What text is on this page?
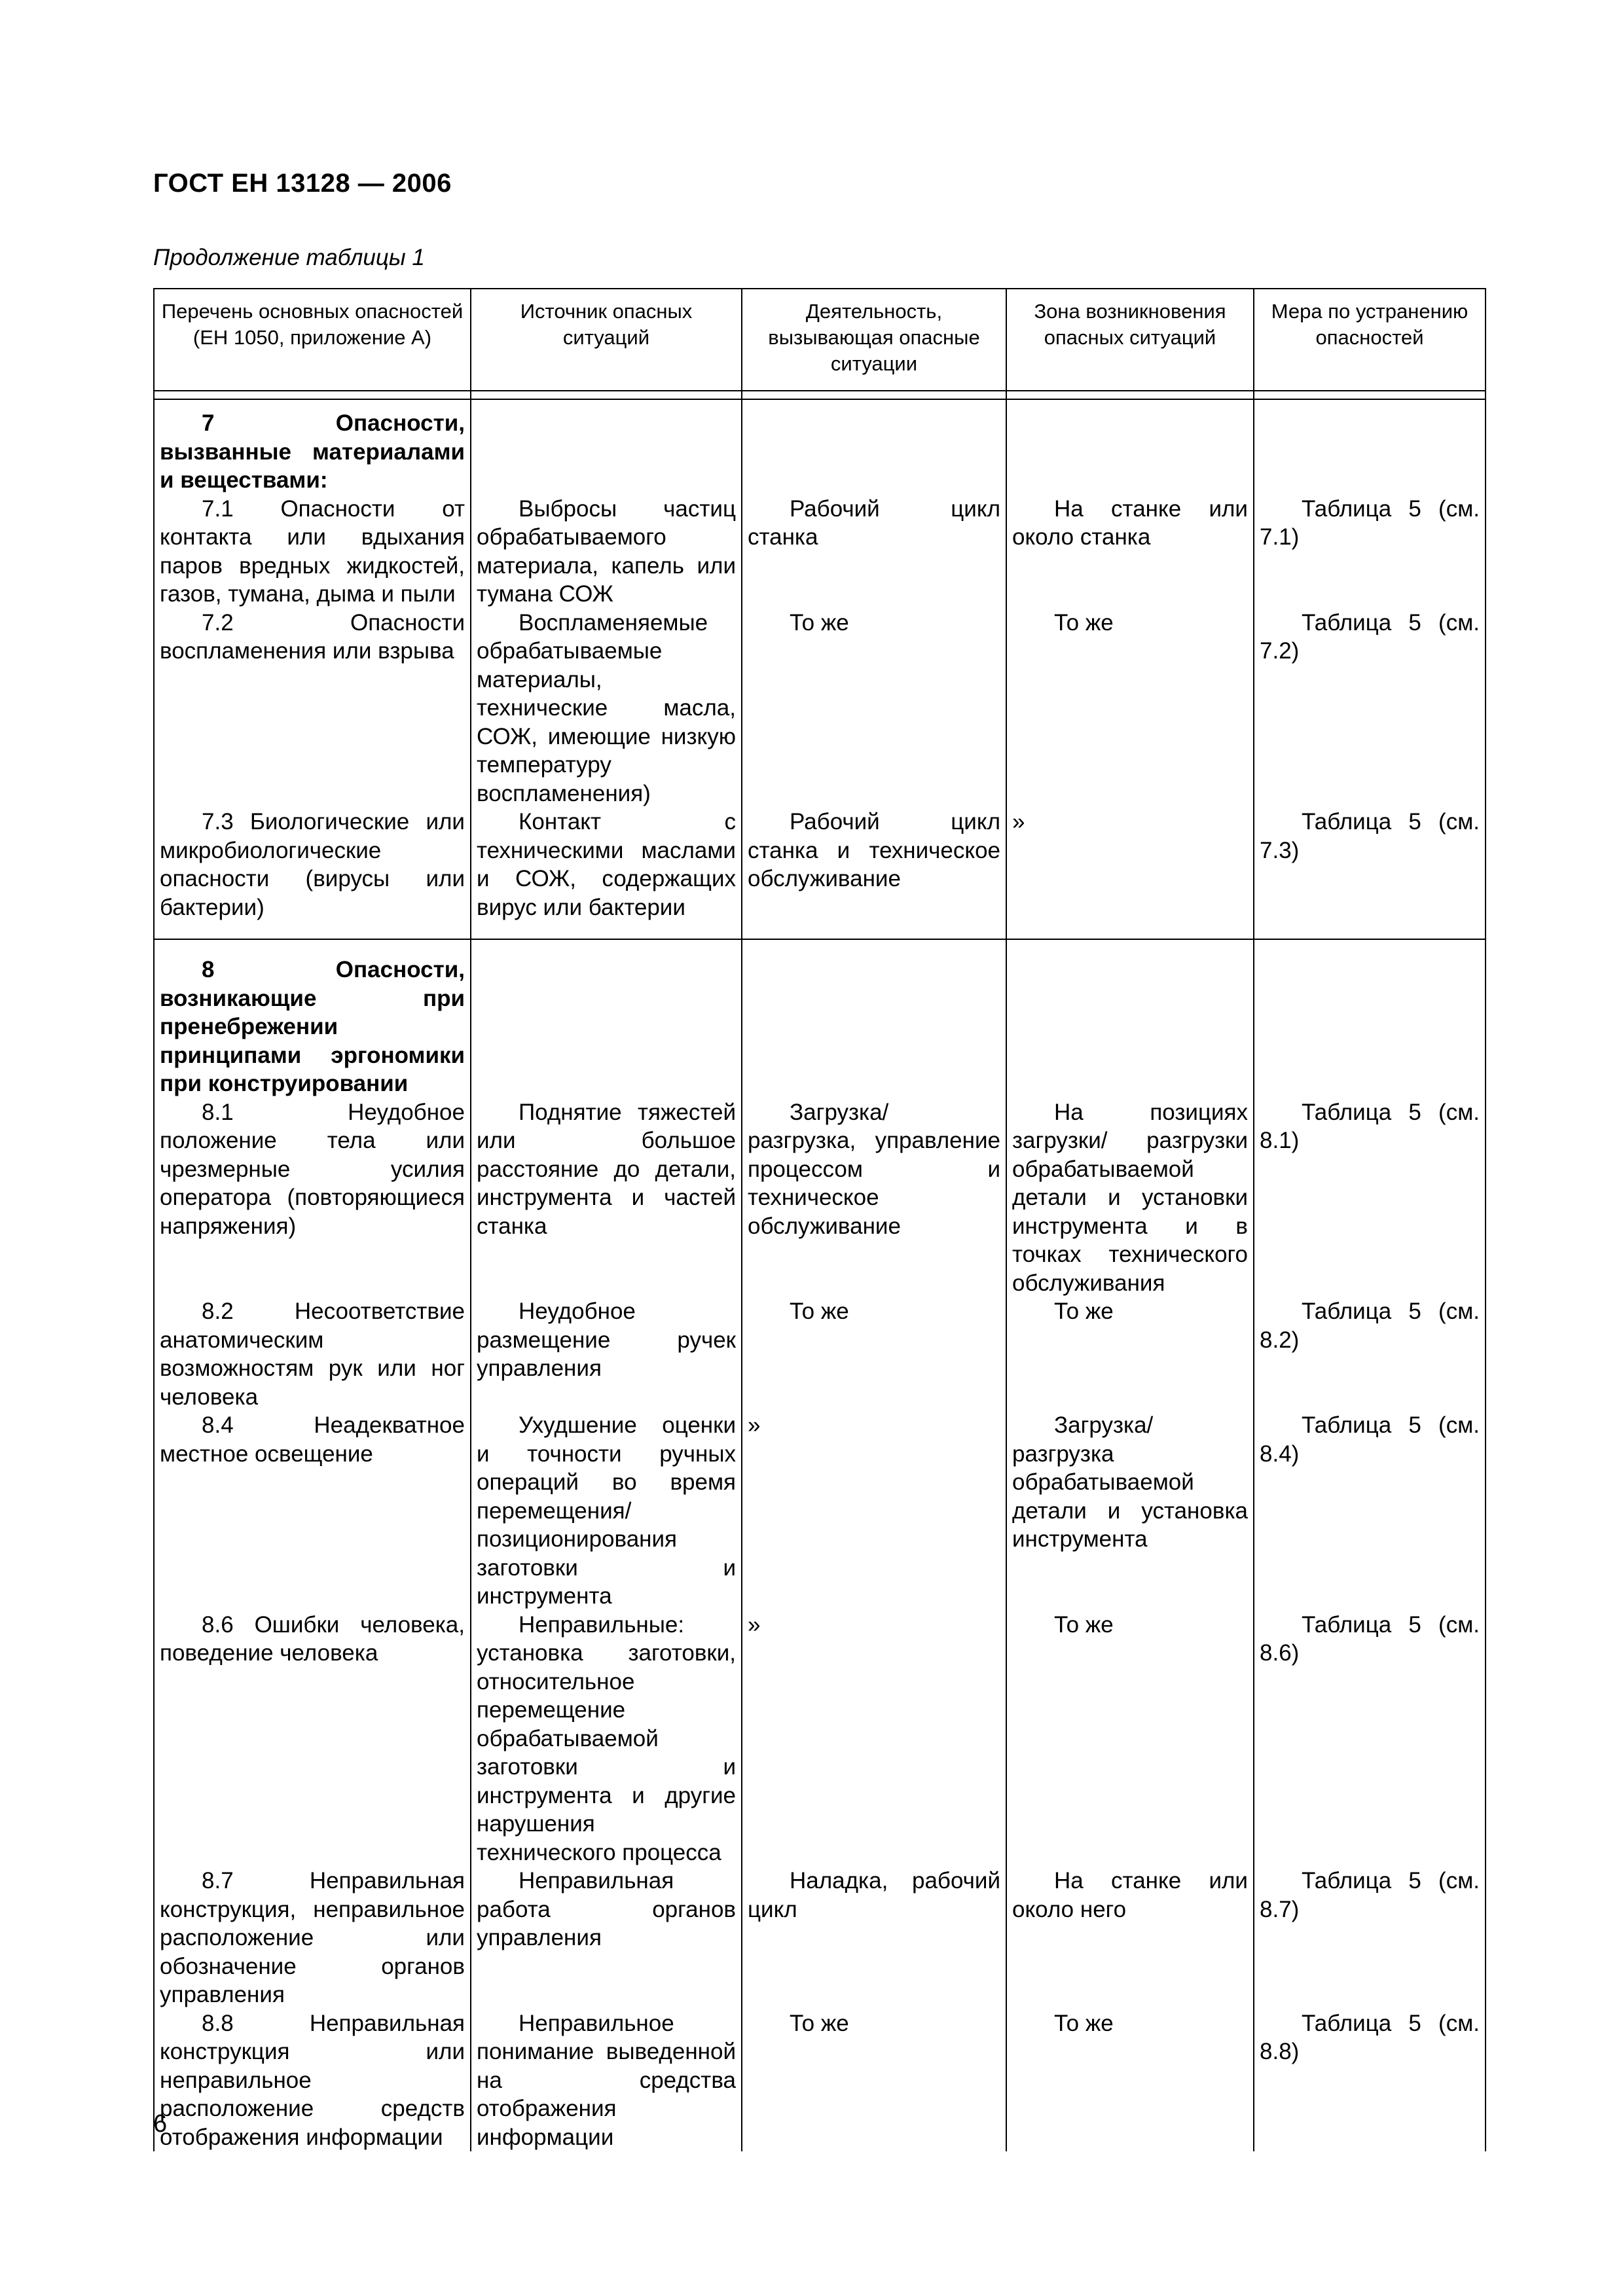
ГОСТ ЕН 13128 — 2006
Продолжение таблицы 1
Перечень основных опасностей (ЕН 1050, приложение А)	Источник опасных ситуаций	Деятельность, вызывающая опасные ситуации	Зона возникновения опасных ситуаций	Мера по устранению опасностей

7 Опасности, вызванные материалами и веществами:				
7.1 Опасности от контакта или вдыхания паров вредных жидкостей, газов, тумана, дыма и пыли	Выбросы частиц обрабатываемого материала, капель или тумана СОЖ	Рабочий цикл станка	На станке или около станка	Таблица 5 (см. 7.1)
7.2 Опасности воспламенения или взрыва	Воспламеняемые обрабатываемые материалы, технические масла, СОЖ, имеющие низкую температуру воспламенения)	То же	То же	Таблица 5 (см. 7.2)
7.3 Биологические или микробиологические опасности (вирусы или бактерии)	Контакт с техническими маслами и СОЖ, содержащих вирус или бактерии	Рабочий цикл станка и техническое обслуживание	»	Таблица 5 (см. 7.3)

8 Опасности, возникающие при пренебрежении принципами эргономики при конструировании				
8.1 Неудобное положение тела или чрезмерные усилия оператора (повторяющиеся напряжения)	Поднятие тяжестей или большое расстояние до детали, инструмента и частей станка	Загрузка/ разгрузка, управление процессом и техническое обслуживание	На позициях загрузки/ разгрузки обрабатываемой детали и установки инструмента и в точках технического обслуживания	Таблица 5 (см. 8.1)
8.2 Несоответствие анатомическим возможностям рук или ног человека	Неудобное размещение ручек управления	То же	То же	Таблица 5 (см. 8.2)
8.4 Неадекватное местное освещение	Ухудшение оценки и точности ручных операций во время перемещения/позиционирования заготовки и инструмента	»	Загрузка/разгрузка обрабатываемой детали и установка инструмента	Таблица 5 (см. 8.4)
8.6 Ошибки человека, поведение человека	Неправильные: установка заготовки, относительное перемещение обрабатываемой заготовки и инструмента и другие нарушения технического процесса	»	То же	Таблица 5 (см. 8.6)
8.7 Неправильная конструкция, неправильное расположение или обозначение органов управления	Неправильная работа органов управления	Наладка, рабочий цикл	На станке или около него	Таблица 5 (см. 8.7)
8.8 Неправильная конструкция или неправильное расположение средств отображения информации	Неправильное понимание выведенной на средства отображения информации	То же	То же	Таблица 5 (см. 8.8)
6
